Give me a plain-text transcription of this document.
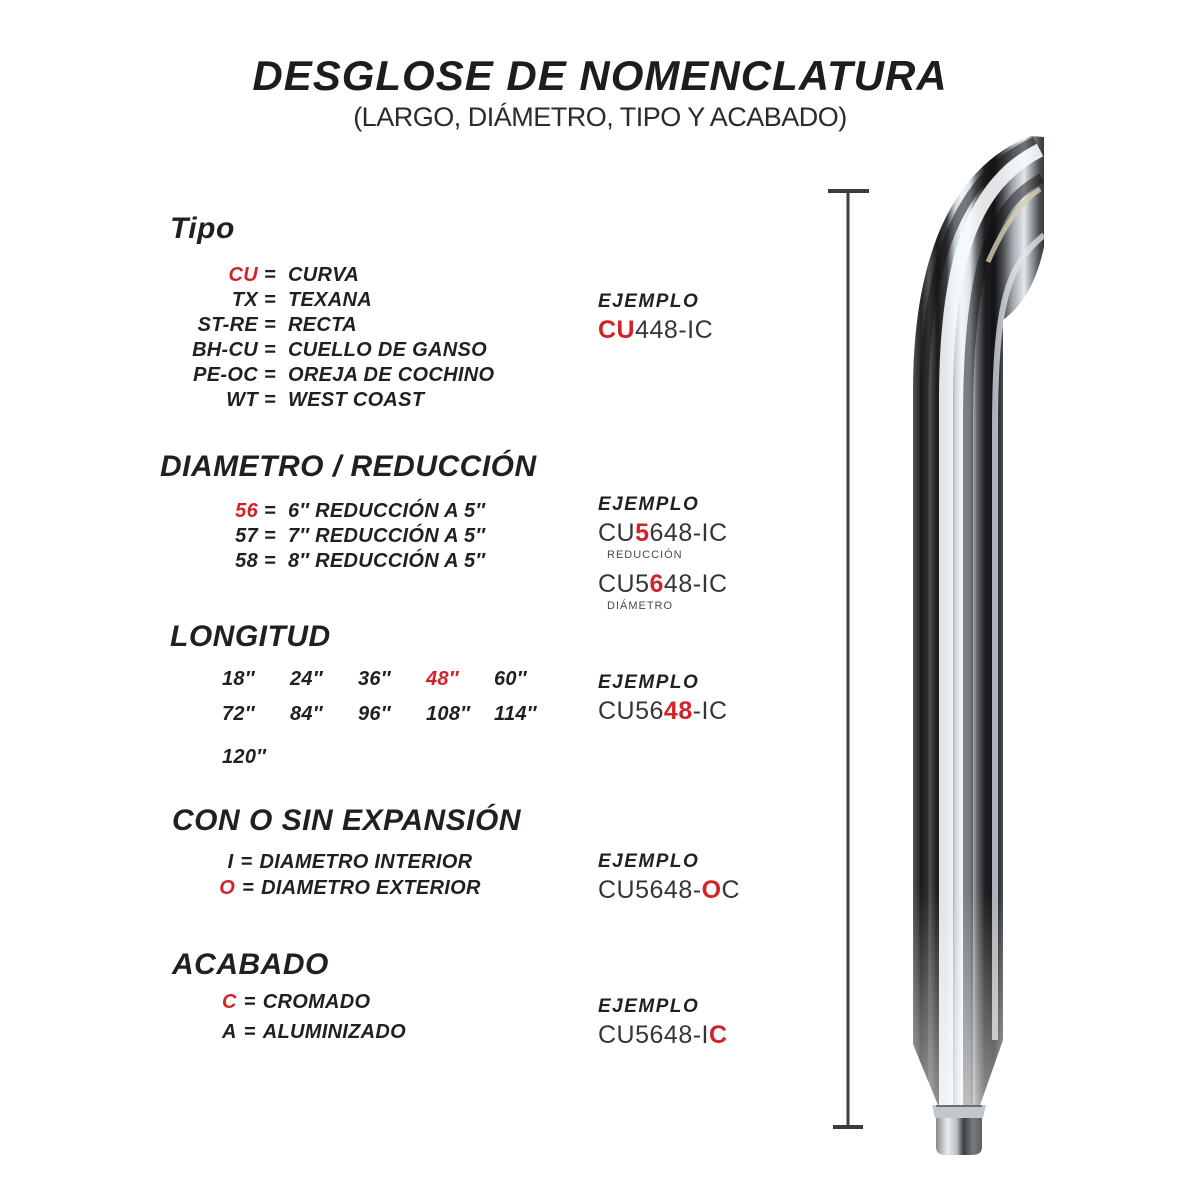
DESGLOSE DE NOMENCLATURA
(LARGO, DIÁMETRO, TIPO Y ACABADO)
Tipo
CU = CURVA
TX = TEXANA
ST-RE = RECTA
BH-CU = CUELLO DE GANSO
PE-OC = OREJA DE COCHINO
WT = WEST COAST
DIAMETRO / REDUCCIÓN
56 = 6″ REDUCCIÓN A 5″
57 = 7″ REDUCCIÓN A 5″
58 = 8″ REDUCCIÓN A 5″
LONGITUD
18″	24″	36″	48″	60″
72″	84″	96″	108″	114″
120″
CON O SIN EXPANSIÓN
I = DIAMETRO INTERIOR
O = DIAMETRO EXTERIOR
ACABADO
C = CROMADO
A = ALUMINIZADO
EJEMPLO
CU448-IC
EJEMPLO
CU5648-IC
REDUCCIÓN
CU5648-IC
DIÁMETRO
EJEMPLO
CU5648-IC
EJEMPLO
CU5648-OC
EJEMPLO
CU5648-IC
